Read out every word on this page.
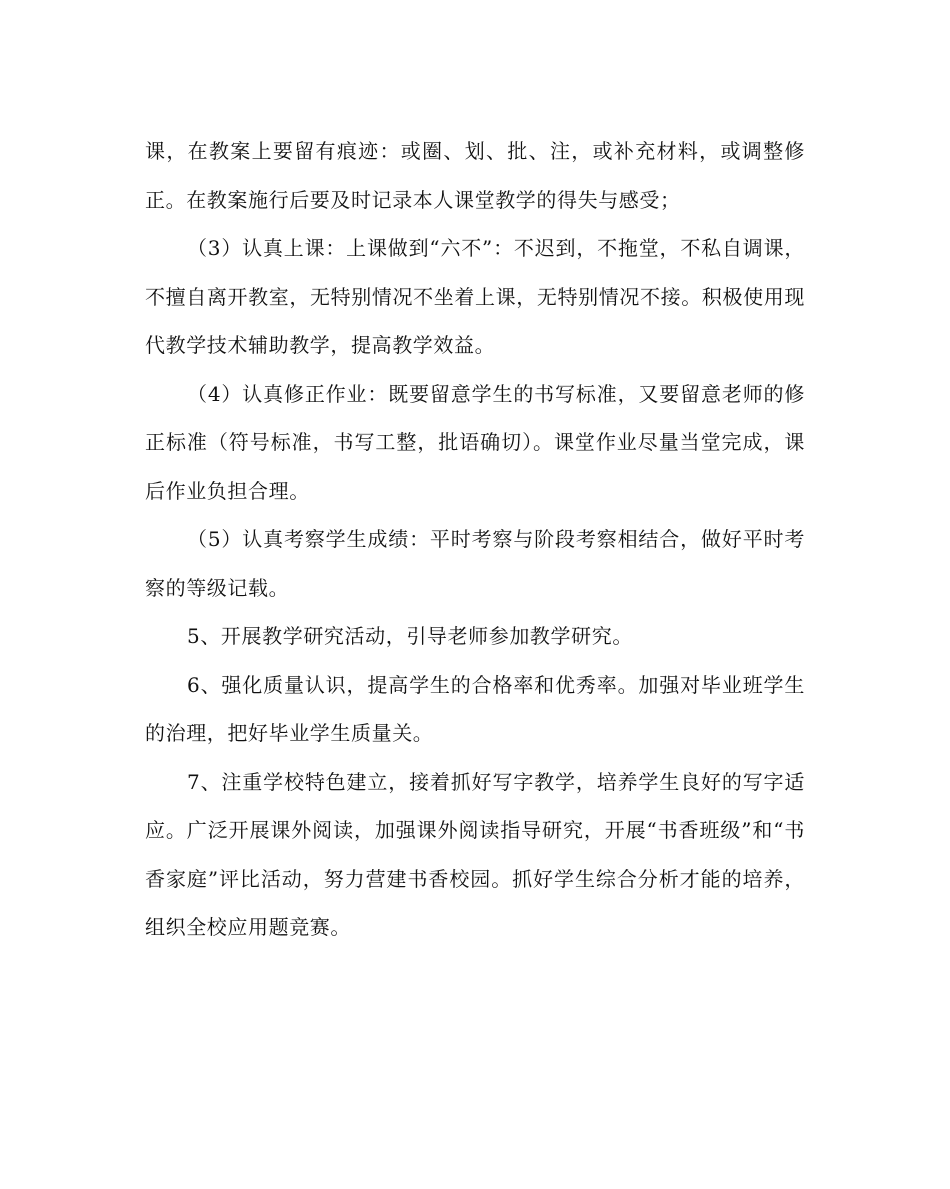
课，在教案上要留有痕迹：或圈、划、批、注，或补充材料，或调整修正。在教案施行后要及时记录本人课堂教学的得失与感受；

（3）认真上课：上课做到“六不”：不迟到，不拖堂，不私自调课，不擅自离开教室，无特别情况不坐着上课，无特别情况不接。积极使用现代教学技术辅助教学，提高教学效益。

（4）认真修正作业：既要留意学生的书写标准，又要留意老师的修正标准（符号标准，书写工整，批语确切）。课堂作业尽量当堂完成，课后作业负担合理。

（5）认真考察学生成绩：平时考察与阶段考察相结合，做好平时考察的等级记载。

5、开展教学研究活动，引导老师参加教学研究。

6、强化质量认识，提高学生的合格率和优秀率。加强对毕业班学生的治理，把好毕业学生质量关。

7、注重学校特色建立，接着抓好写字教学，培养学生良好的写字适应。广泛开展课外阅读，加强课外阅读指导研究，开展“书香班级”和“书香家庭”评比活动，努力营建书香校园。抓好学生综合分析才能的培养，组织全校应用题竞赛。
